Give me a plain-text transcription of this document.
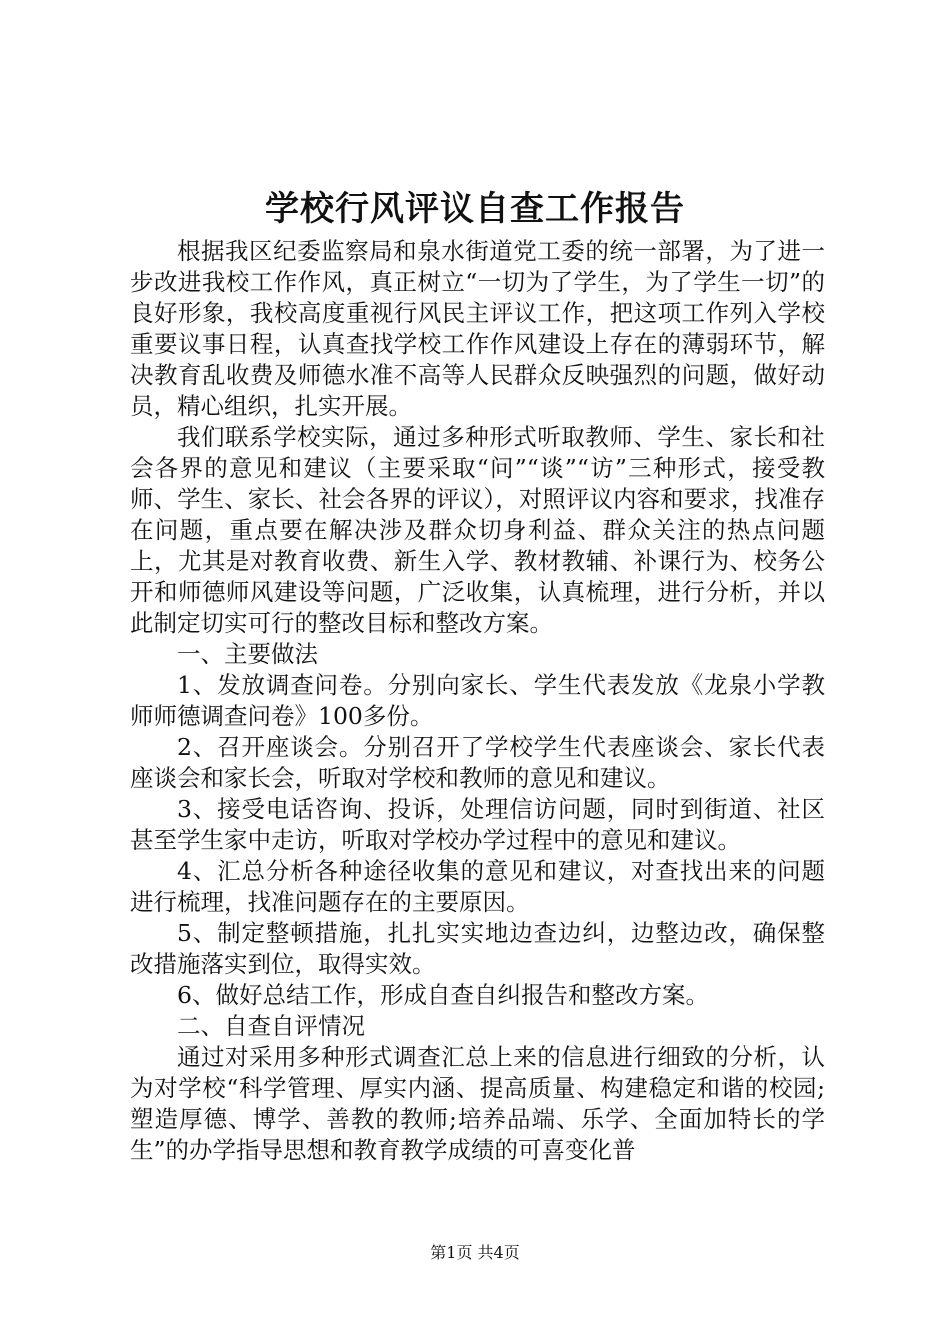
学校行风评议自查工作报告

根据我区纪委监察局和泉水街道党工委的统一部署，为了进一步改进我校工作作风，真正树立“一切为了学生，为了学生一切”的良好形象，我校高度重视行风民主评议工作，把这项工作列入学校重要议事日程，认真查找学校工作作风建设上存在的薄弱环节，解决教育乱收费及师德水准不高等人民群众反映强烈的问题，做好动员，精心组织，扎实开展。

我们联系学校实际，通过多种形式听取教师、学生、家长和社会各界的意见和建议（主要采取“问”“谈”“访”三种形式，接受教师、学生、家长、社会各界的评议），对照评议内容和要求，找准存在问题，重点要在解决涉及群众切身利益、群众关注的热点问题上，尤其是对教育收费、新生入学、教材教辅、补课行为、校务公开和师德师风建设等问题，广泛收集，认真梳理，进行分析，并以此制定切实可行的整改目标和整改方案。

一、主要做法

1、发放调查问卷。分别向家长、学生代表发放《龙泉小学教师师德调查问卷》100多份。

2、召开座谈会。分别召开了学校学生代表座谈会、家长代表座谈会和家长会，听取对学校和教师的意见和建议。

3、接受电话咨询、投诉，处理信访问题，同时到街道、社区甚至学生家中走访，听取对学校办学过程中的意见和建议。

4、汇总分析各种途径收集的意见和建议，对查找出来的问题进行梳理，找准问题存在的主要原因。

5、制定整顿措施，扎扎实实地边查边纠，边整边改，确保整改措施落实到位，取得实效。

6、做好总结工作，形成自查自纠报告和整改方案。

二、自查自评情况

通过对采用多种形式调查汇总上来的信息进行细致的分析，认为对学校“科学管理、厚实内涵、提高质量、构建稳定和谐的校园;塑造厚德、博学、善教的教师;培养品端、乐学、全面加特长的学生”的办学指导思想和教育教学成绩的可喜变化普

第1页 共4页
